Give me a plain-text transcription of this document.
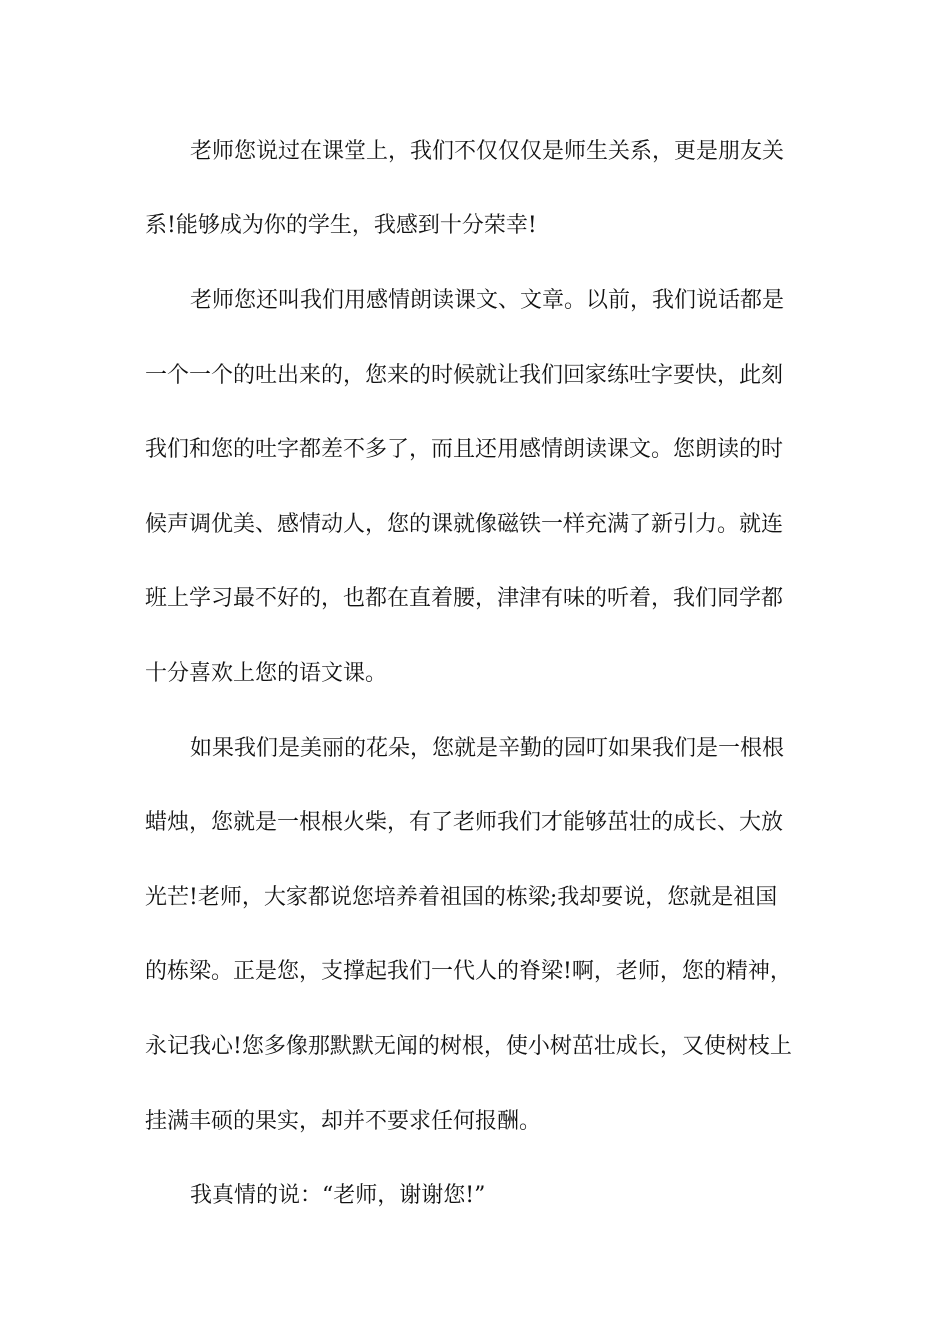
老师您说过在课堂上，我们不仅仅仅是师生关系，更是朋友关
系!能够成为你的学生，我感到十分荣幸!
老师您还叫我们用感情朗读课文、文章。以前，我们说话都是
一个一个的吐出来的，您来的时候就让我们回家练吐字要快，此刻
我们和您的吐字都差不多了，而且还用感情朗读课文。您朗读的时
候声调优美、感情动人，您的课就像磁铁一样充满了新引力。就连
班上学习最不好的，也都在直着腰，津津有味的听着，我们同学都
十分喜欢上您的语文课。
如果我们是美丽的花朵，您就是辛勤的园叮如果我们是一根根
蜡烛，您就是一根根火柴，有了老师我们才能够茁壮的成长、大放
光芒!老师，大家都说您培养着祖国的栋梁;我却要说，您就是祖国
的栋梁。正是您，支撑起我们一代人的脊梁!啊，老师，您的精神，
永记我心!您多像那默默无闻的树根，使小树茁壮成长，又使树枝上
挂满丰硕的果实，却并不要求任何报酬。
我真情的说：“老师，谢谢您!”
